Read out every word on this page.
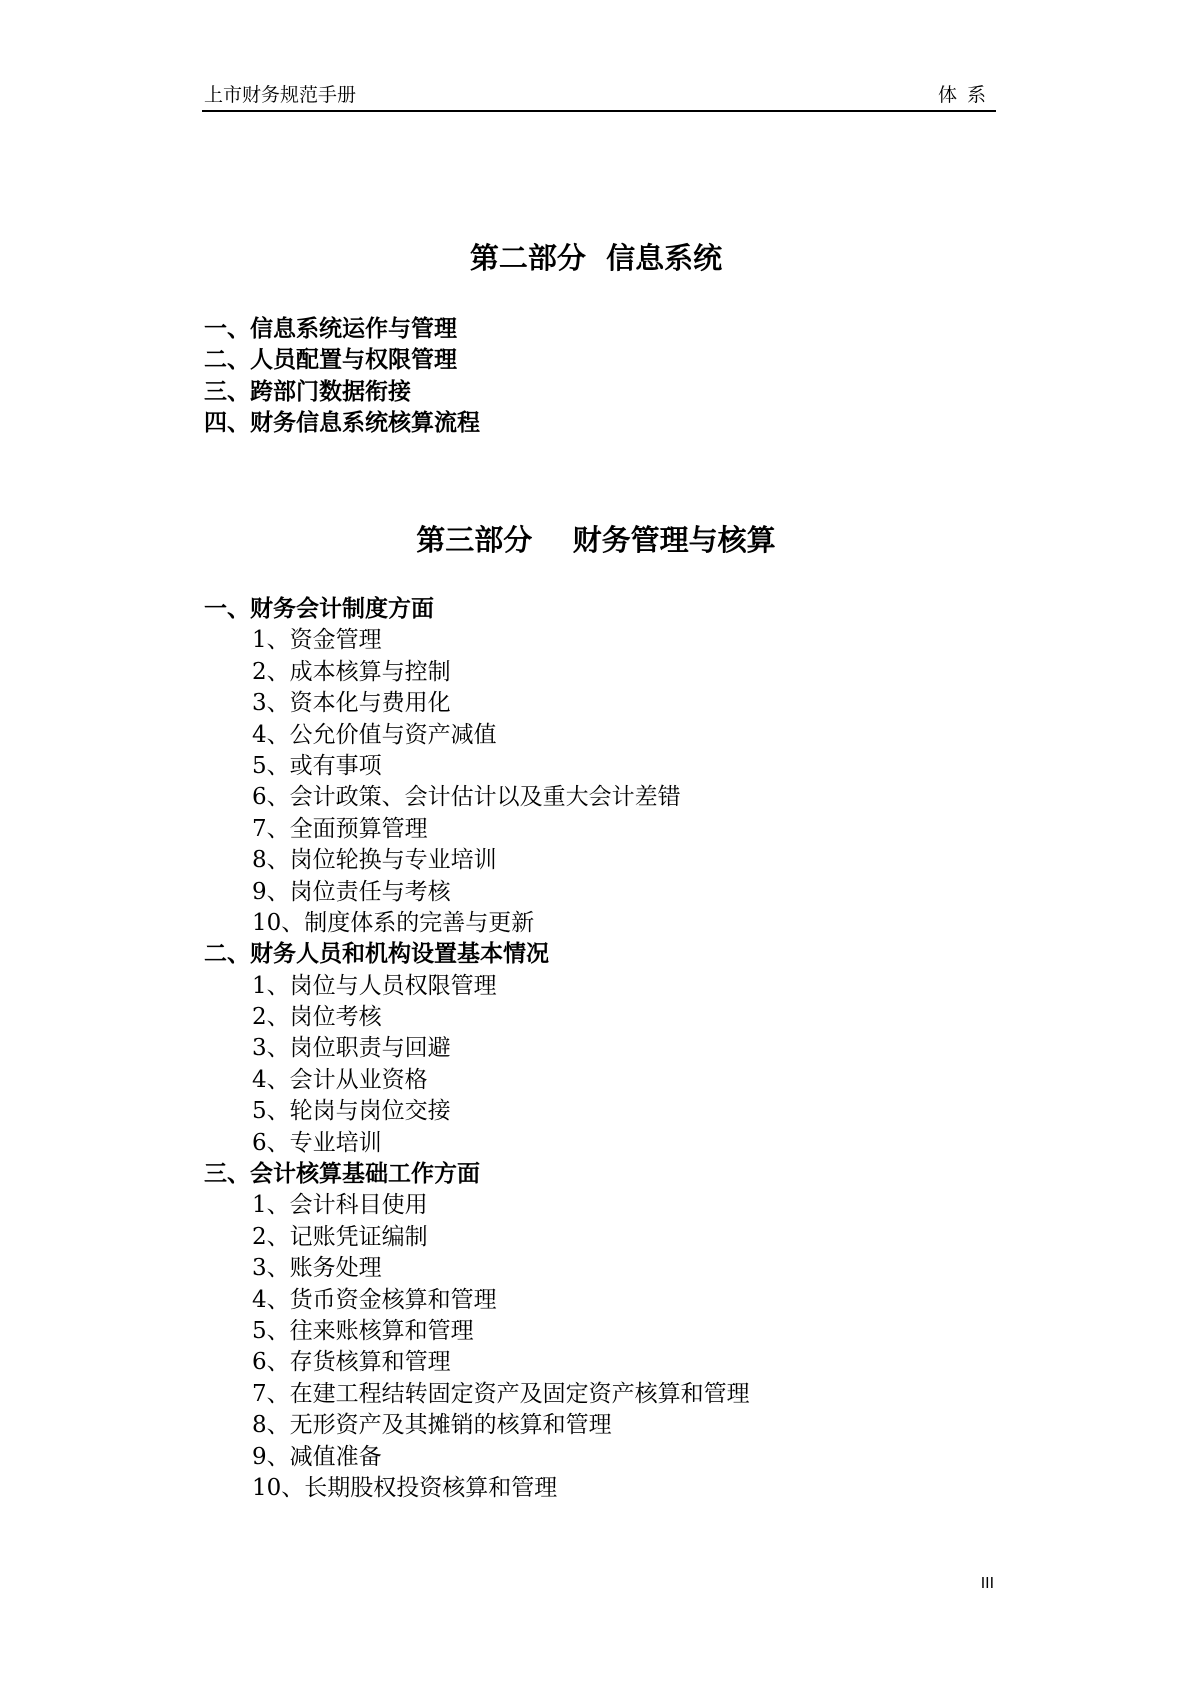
上市财务规范手册	体系
第二部分  信息系统
一、信息系统运作与管理
二、人员配置与权限管理
三、跨部门数据衔接
四、财务信息系统核算流程
第三部分    财务管理与核算
一、财务会计制度方面
1、资金管理
2、成本核算与控制
3、资本化与费用化
4、公允价值与资产减值
5、或有事项
6、会计政策、会计估计以及重大会计差错
7、全面预算管理
8、岗位轮换与专业培训
9、岗位责任与考核
10、制度体系的完善与更新
二、财务人员和机构设置基本情况
1、岗位与人员权限管理
2、岗位考核
3、岗位职责与回避
4、会计从业资格
5、轮岗与岗位交接
6、专业培训
三、会计核算基础工作方面
1、会计科目使用
2、记账凭证编制
3、账务处理
4、货币资金核算和管理
5、往来账核算和管理
6、存货核算和管理
7、在建工程结转固定资产及固定资产核算和管理
8、无形资产及其摊销的核算和管理
9、减值准备
10、长期股权投资核算和管理
III
